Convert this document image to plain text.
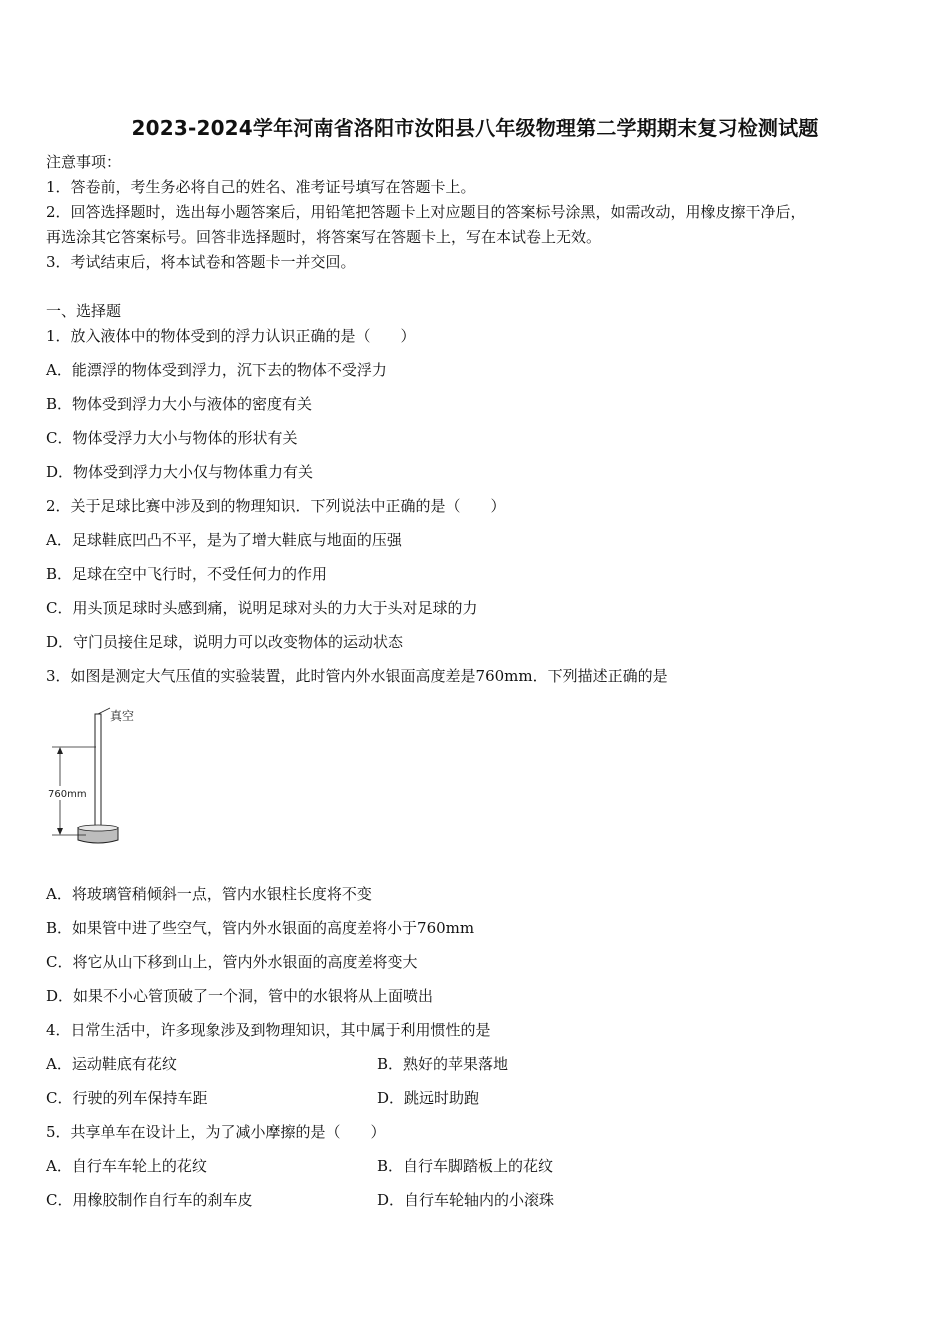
2023-2024学年河南省洛阳市汝阳县八年级物理第二学期期末复习检测试题
注意事项：
1．答卷前，考生务必将自己的姓名、准考证号填写在答题卡上。
2．回答选择题时，选出每小题答案后，用铅笔把答题卡上对应题目的答案标号涂黑，如需改动，用橡皮擦干净后，
再选涂其它答案标号。回答非选择题时，将答案写在答题卡上，写在本试卷上无效。
3．考试结束后，将本试卷和答题卡一并交回。
一、选择题
1．放入液体中的物体受到的浮力认识正确的是（　　）
A．能漂浮的物体受到浮力，沉下去的物体不受浮力
B．物体受到浮力大小与液体的密度有关
C．物体受浮力大小与物体的形状有关
D．物体受到浮力大小仅与物体重力有关
2．关于足球比赛中涉及到的物理知识．下列说法中正确的是（　　）
A．足球鞋底凹凸不平，是为了增大鞋底与地面的压强
B．足球在空中飞行时，不受任何力的作用
C．用头顶足球时头感到痛，说明足球对头的力大于头对足球的力
D．守门员接住足球，说明力可以改变物体的运动状态
3．如图是测定大气压值的实验装置，此时管内外水银面高度差是760mm．下列描述正确的是
真空
760mm
A．将玻璃管稍倾斜一点，管内水银柱长度将不变
B．如果管中进了些空气，管内外水银面的高度差将小于760mm
C．将它从山下移到山上，管内外水银面的高度差将变大
D．如果不小心管顶破了一个洞，管中的水银将从上面喷出
4．日常生活中，许多现象涉及到物理知识，其中属于利用惯性的是
A．运动鞋底有花纹	B．熟好的苹果落地
C．行驶的列车保持车距	D．跳远时助跑
5．共享单车在设计上，为了减小摩擦的是（　　）
A．自行车车轮上的花纹	B．自行车脚踏板上的花纹
C．用橡胶制作自行车的刹车皮	D．自行车轮轴内的小滚珠
